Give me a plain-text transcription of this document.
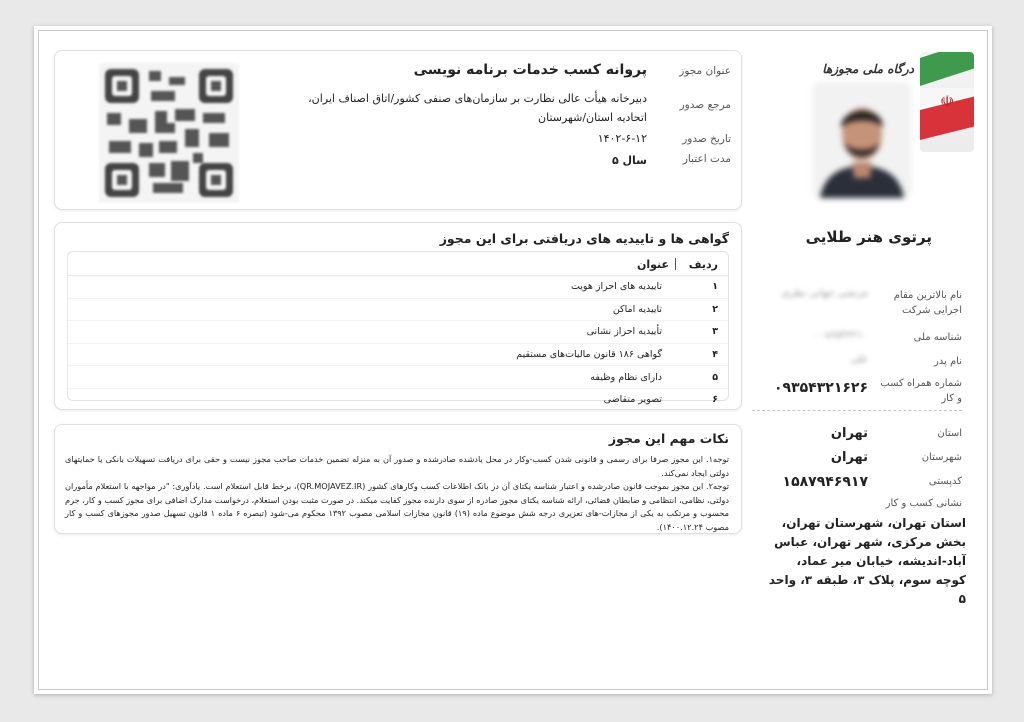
عنوان مجوز
پروانه کسب خدمات برنامه نویسی
مرجع صدور
دبیرخانه هیأت عالی نظارت بر سازمان‌های صنفی کشور/اتاق اصناف ایران، اتحادیه استان/شهرستان
تاریخ صدور
۱۴۰۲-۶-۱۲
مدت اعتبار
۵ سال
گواهی ها و تاییدیه های دریافتی برای این مجوز
ردیف
عنوان
۱
تاییدیه های احراز هویت
۲
تاییدیه اماکن
۳
تأییدیه احراز نشانی
۴
گواهی ۱۸۶ قانون مالیات‌های مستقیم
۵
دارای نظام وظیفه
۶
تصویر متقاضی
نکات مهم این مجوز

توجه۱. این مجوز صرفا برای رسمی و قانونی شدن کسب-وکار در محل یادشده صادرشده و صدور آن به منزله تضمین خدمات صاحب مجوز نیست و حقی برای دریافت تسهیلات بانکی یا حمایتهای دولتی ایجاد نمی‌کند.

توجه۲. این مجوز بموجب قانون صادرشده و اعتبار شناسه یکتای آن در بانک اطلاعات کسب وکارهای کشور (QR.MOJAVEZ.IR)، برخط قابل استعلام است. یادآوری: "در مواجهه با استعلام مأموران دولتی، نظامی، انتظامی و ضابطان قضائی، ارائه شناسه یکتای مجوز صادره از سوی دارنده مجوز کفایت میکند. در صورت مثبت بودن استعلام، درخواست مدارک اضافی برای مجوز کسب و کار، جرم محسوب و مرتکب به یکی از مجازات-های تعزیری درجه شش موضوع ماده (۱۹) قانون مجازات اسلامی مصوب ۱۳۹۲ محکوم می-شود (تبصره ۶ ماده ۱ قانون تسهیل صدور مجوزهای کسب و کار مصوب ۱۴۰۰.۱۲.۲۴).

☫
درگاه ملی مجوزها
پرتوی هنر طلایی
نام بالاترین مقام اجرایی شرکت
مرتضی جهانی نظری
شناسه ملی
۰۰۸۶۵۴۳۲۱۰
نام پدر
علی
شماره همراه کسب و کار
۰۹۳۵۴۳۲۱۶۲۶
استان
تهران
شهرستان
تهران
کدپستی
۱۵۸۷۹۴۶۹۱۷
نشانی کسب و کار
استان تهران، شهرستان تهران، بخش مرکزی، شهر تهران، عباس آباد-اندیشه، خیابان میر عماد، کوچه سوم، پلاک ۳، طبقه ۳، واحد ۵
